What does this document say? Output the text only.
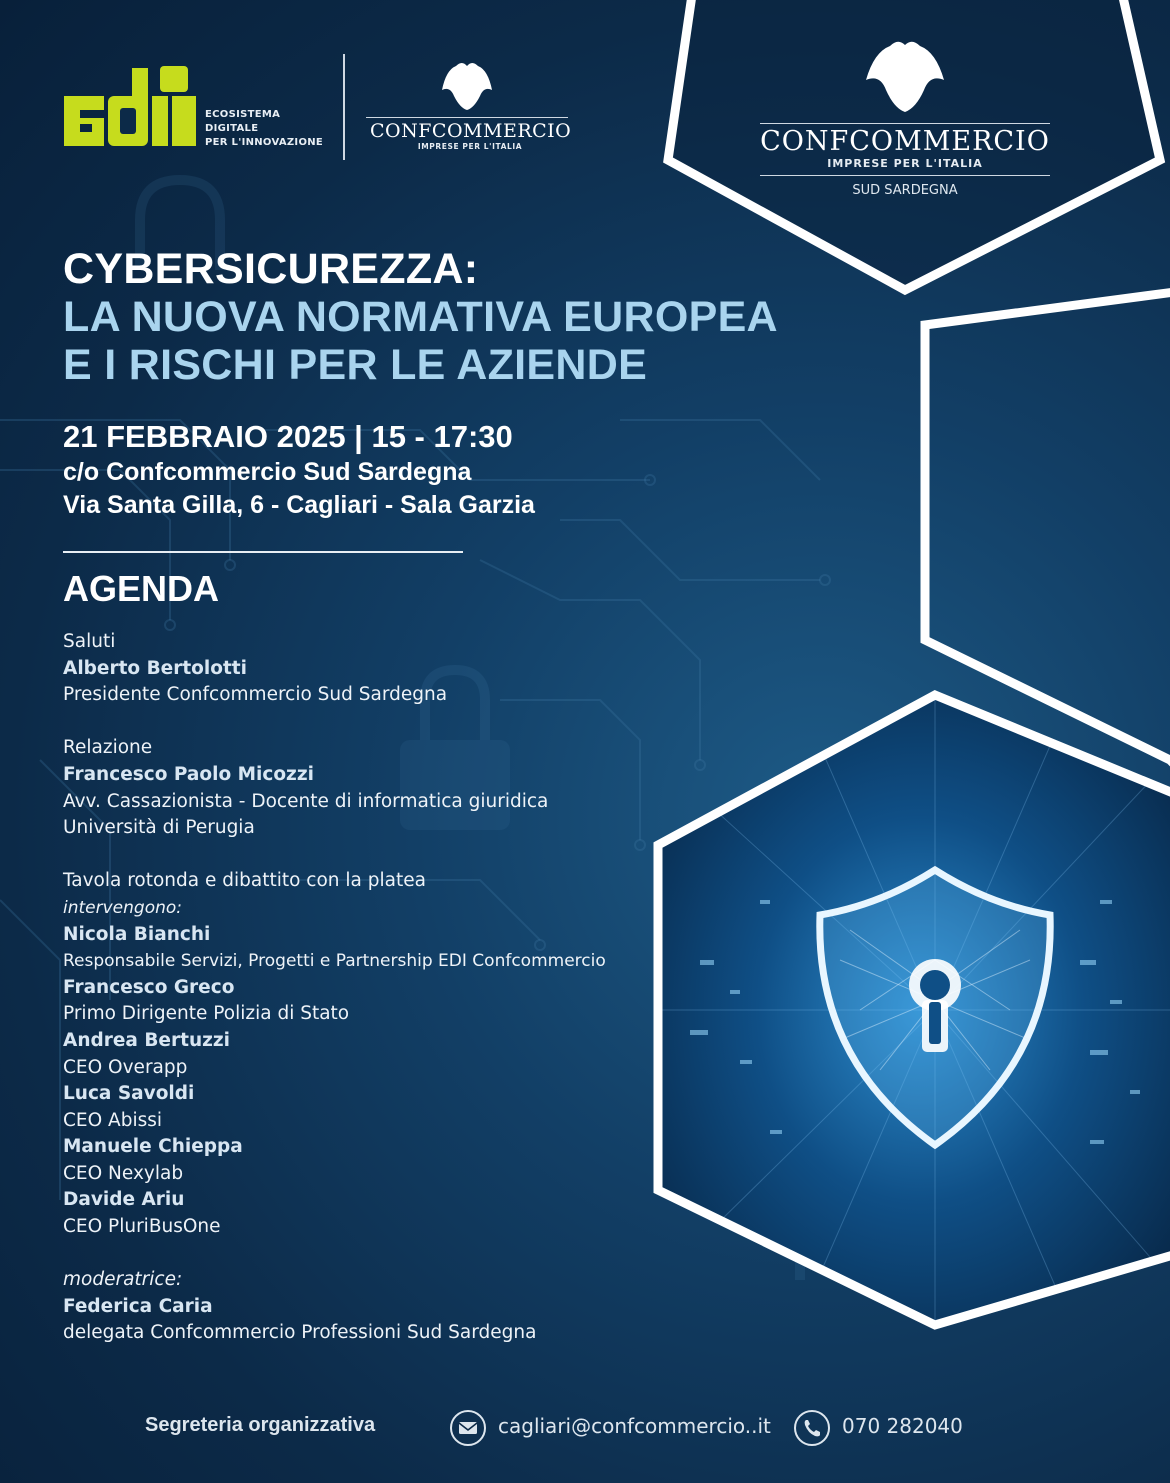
ECOSISTEMA
DIGITALE
PER L'INNOVAZIONE
CONFCOMMERCIO
IMPRESE PER L'ITALIA	CONFCOMMERCIO
IMPRESE PER L'ITALIA
SUD SARDEGNA
CYBERSICUREZZA:
LA NUOVA NORMATIVA EUROPEA
E I RISCHI PER LE AZIENDE
21 FEBBRAIO 2025 | 15 - 17:30
c/o Confcommercio Sud Sardegna
Via Santa Gilla, 6 - Cagliari - Sala Garzia
AGENDA
Saluti
Alberto Bertolotti
Presidente Confcommercio Sud Sardegna
Relazione
Francesco Paolo Micozzi
Avv. Cassazionista - Docente di informatica giuridica
Università di Perugia
Tavola rotonda e dibattito con la platea
intervengono:
Nicola Bianchi
Responsabile Servizi, Progetti e Partnership EDI Confcommercio
Francesco Greco
Primo Dirigente Polizia di Stato
Andrea Bertuzzi
CEO Overapp
Luca Savoldi
CEO Abissi
Manuele Chieppa
CEO Nexylab
Davide Ariu
CEO PluriBusOne
moderatrice:
Federica Caria
delegata Confcommercio Professioni Sud Sardegna
Segreteria organizzativa	cagliari@confcommercio..it	070 282040
